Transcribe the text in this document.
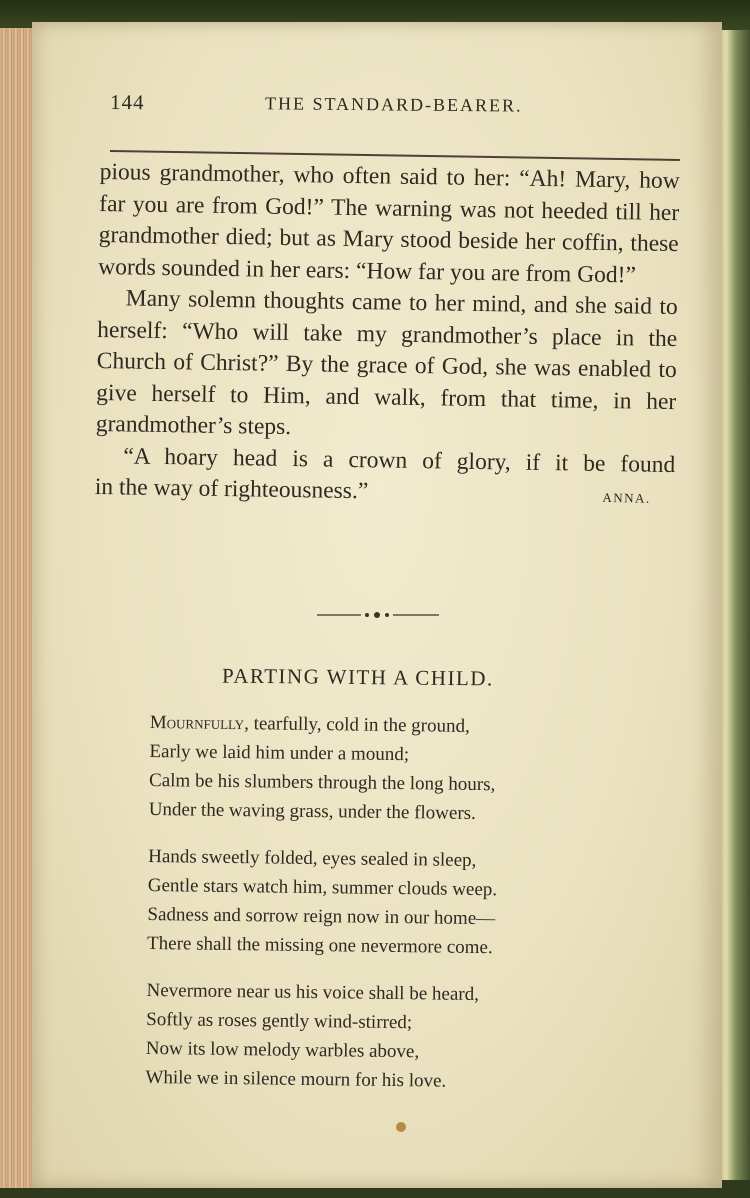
144	THE STANDARD-BEARER.

pious grandmother, who often said to her: “Ah! Mary, how far you are from God!” The warning was not heeded till her grandmother died; but as Mary stood beside her coffin, these words sounded in her ears: “How far you are from God!”

Many solemn thoughts came to her mind, and she said to herself: “Who will take my grandmother’s place in the Church of Christ?” By the grace of God, she was enabled to give herself to Him, and walk, from that time, in her grandmother’s steps.

“A hoary head is a crown of glory, if it be found

in the way of righteousness.”	ANNA.
PARTING WITH A CHILD.
Mournfully, tearfully, cold in the ground,
Early we laid him under a mound;
Calm be his slumbers through the long hours,
Under the waving grass, under the flowers.
Hands sweetly folded, eyes sealed in sleep,
Gentle stars watch him, summer clouds weep.
Sadness and sorrow reign now in our home—
There shall the missing one nevermore come.
Nevermore near us his voice shall be heard,
Softly as roses gently wind-stirred;
Now its low melody warbles above,
While we in silence mourn for his love.
